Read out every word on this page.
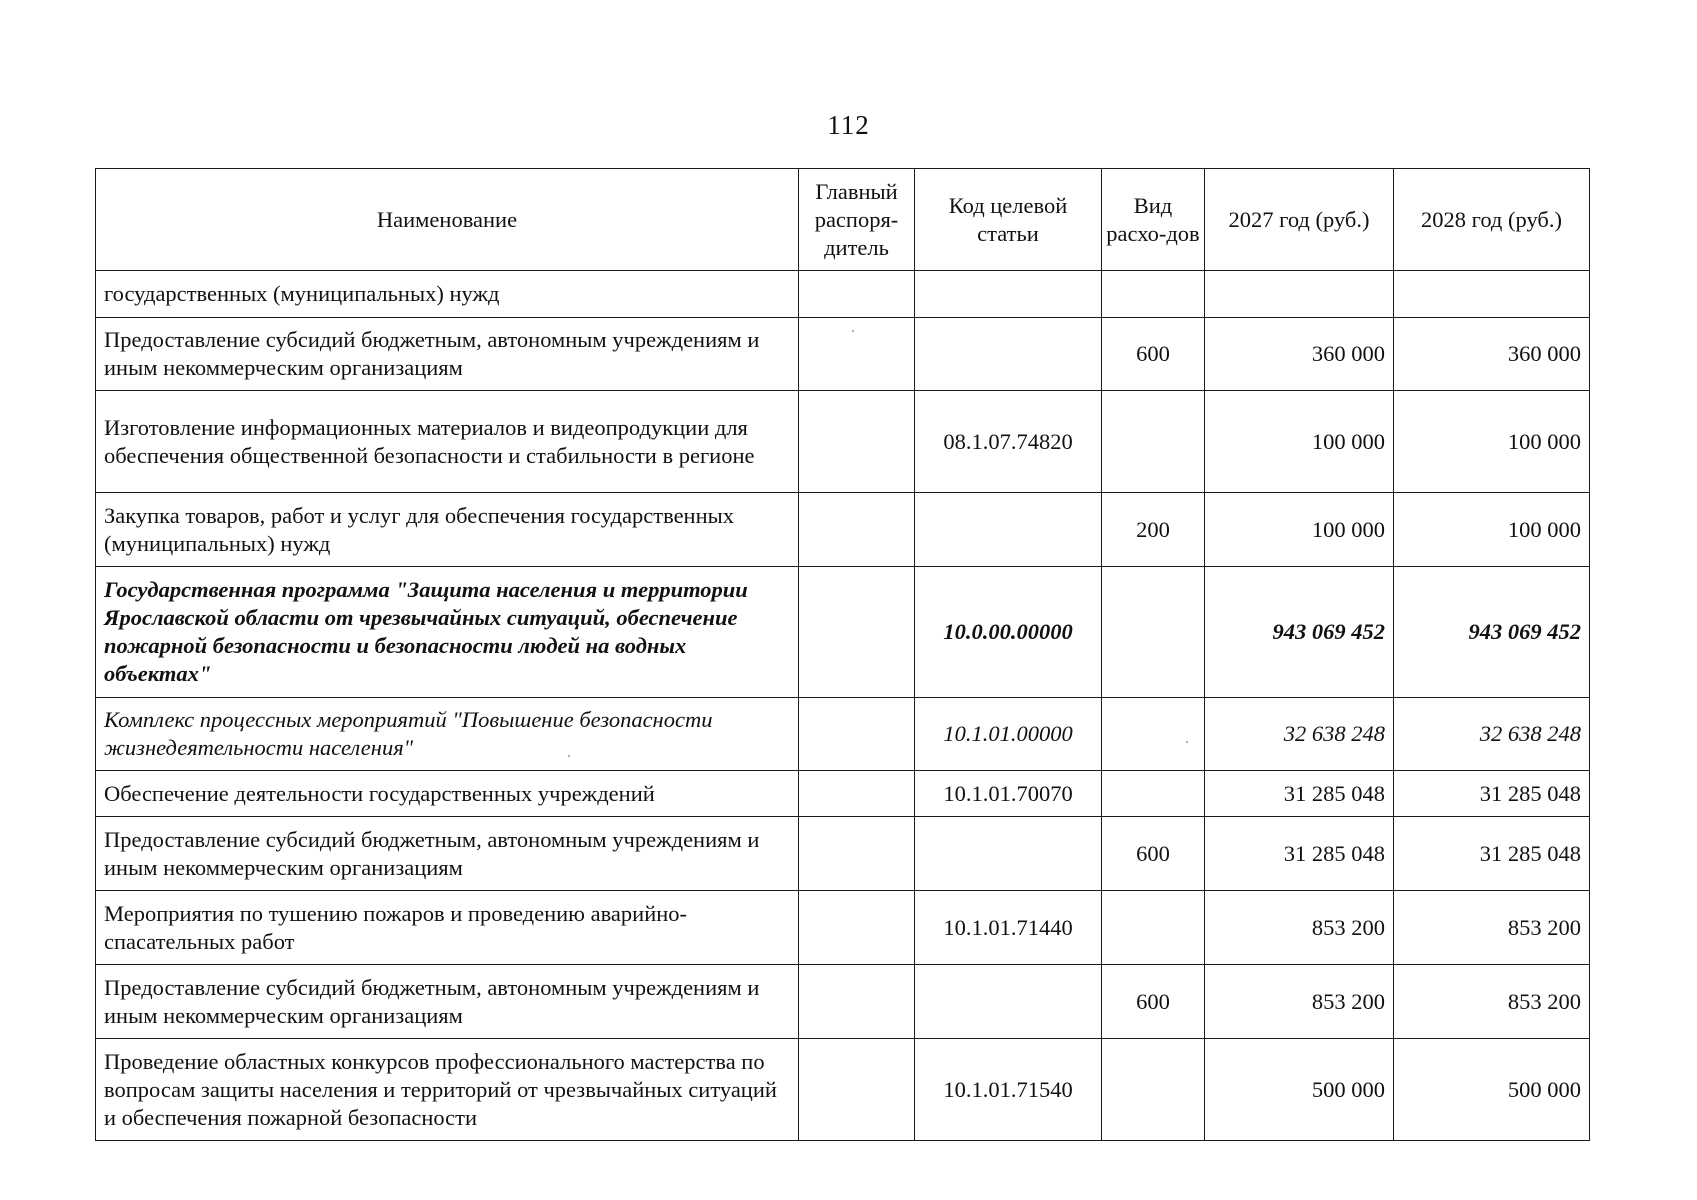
112
Наименование	Главный распоря-дитель	Код целевой статьи	Вид расхо-дов	2027 год (руб.)	2028 год (руб.)
государственных (муниципальных) нужд					
Предоставление субсидий бюджетным, автономным учреждениям и иным некоммерческим организациям			600	360 000	360 000
Изготовление информационных материалов и видеопродукции для обеспечения общественной безопасности и стабильности в регионе		08.1.07.74820		100 000	100 000
Закупка товаров, работ и услуг для обеспечения государственных (муниципальных) нужд			200	100 000	100 000
Государственная программа "Защита населения и территории Ярославской области от чрезвычайных ситуаций, обеспечение пожарной безопасности и безопасности людей на водных объектах"		10.0.00.00000		943 069 452	943 069 452
Комплекс процессных мероприятий "Повышение безопасности жизнедеятельности населения"		10.1.01.00000		32 638 248	32 638 248
Обеспечение деятельности государственных учреждений		10.1.01.70070		31 285 048	31 285 048
Предоставление субсидий бюджетным, автономным учреждениям и иным некоммерческим организациям			600	31 285 048	31 285 048
Мероприятия по тушению пожаров и проведению аварийно-спасательных работ		10.1.01.71440		853 200	853 200
Предоставление субсидий бюджетным, автономным учреждениям и иным некоммерческим организациям			600	853 200	853 200
Проведение областных конкурсов профессионального мастерства по вопросам защиты населения и территорий от чрезвычайных ситуаций и обеспечения пожарной безопасности		10.1.01.71540		500 000	500 000
